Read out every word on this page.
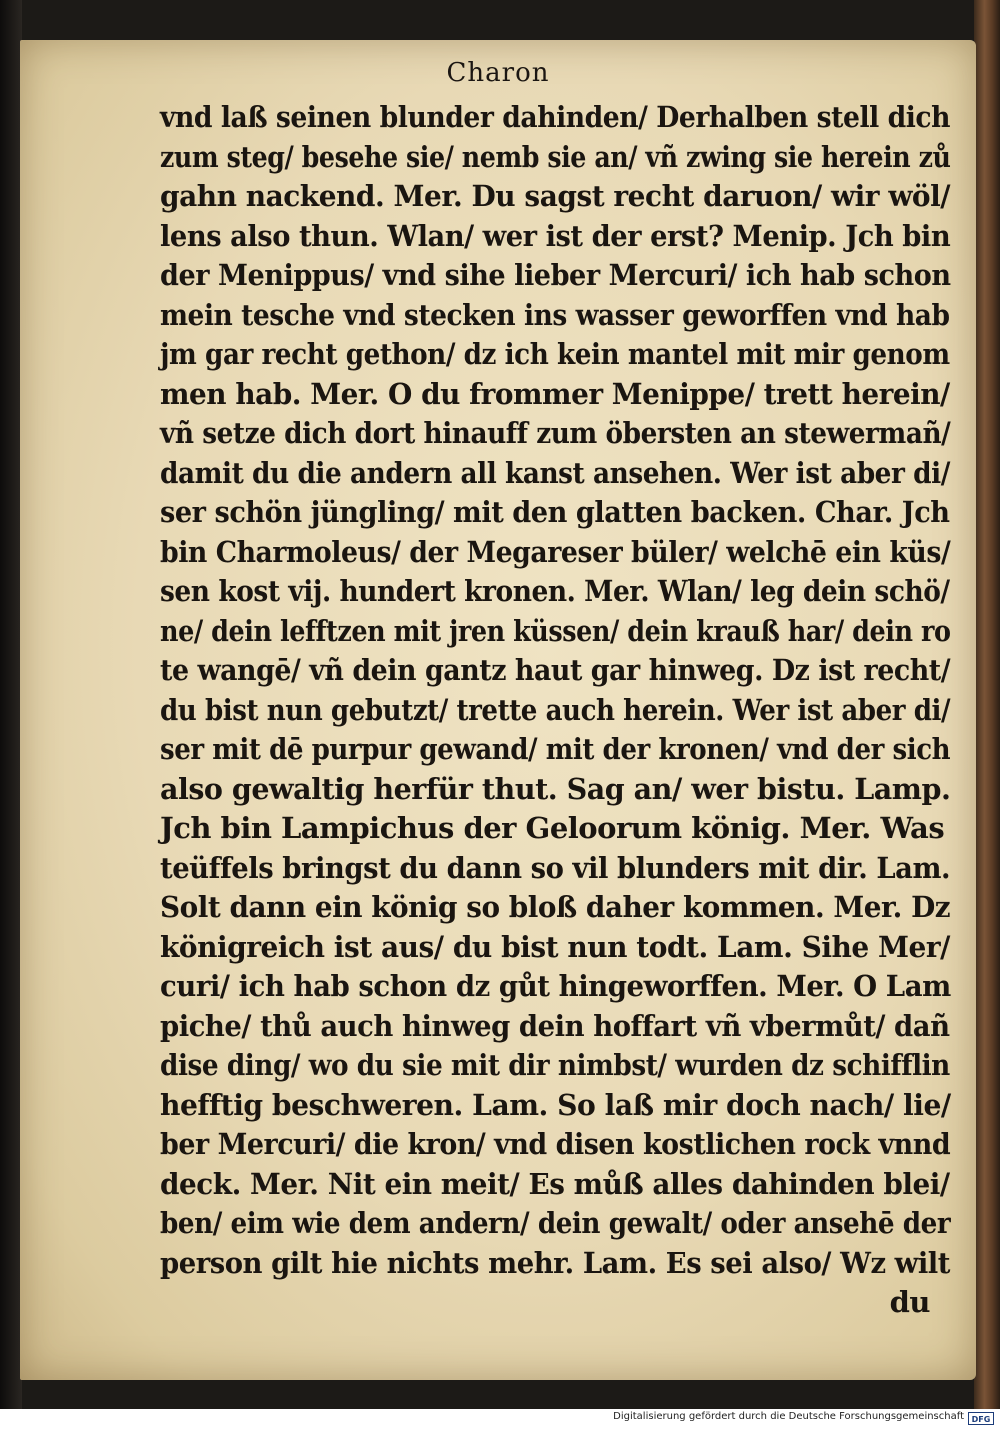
Charon
vnd laß seinen blunder dahinden/ Derhalben stell dich
zum steg/ besehe sie/ nemb sie an/ vñ zwing sie herein zů
gahn nackend. Mer. Du sagst recht daruon/ wir wöl/
lens also thun. Wlan/ wer ist der erst? Menip. Jch bin
der Menippus/ vnd sihe lieber Mercuri/ ich hab schon
mein tesche vnd stecken ins wasser geworffen vnd hab
jm gar recht gethon/ dz ich kein mantel mit mir genom
men hab. Mer. O du frommer Menippe/ trett herein/
vñ setze dich dort hinauff zum öbersten an stewermañ/
damit du die andern all kanst ansehen. Wer ist aber di/
ser schön jüngling/ mit den glatten backen. Char. Jch
bin Charmoleus/ der Megareser büler/ welchē ein küs/
sen kost vij. hundert kronen. Mer. Wlan/ leg dein schö/
ne/ dein lefftzen mit jren küssen/ dein krauß har/ dein ro
te wangē/ vñ dein gantz haut gar hinweg. Dz ist recht/
du bist nun gebutzt/ trette auch herein. Wer ist aber di/
ser mit dē purpur gewand/ mit der kronen/ vnd der sich
also gewaltig herfür thut. Sag an/ wer bistu. Lamp.
Jch bin Lampichus der Geloorum könig. Mer. Was
teüffels bringst du dann so vil blunders mit dir. Lam.
Solt dann ein könig so bloß daher kommen. Mer. Dz
königreich ist aus/ du bist nun todt. Lam. Sihe Mer/
curi/ ich hab schon dz gůt hingeworffen. Mer. O Lam
piche/ thů auch hinweg dein hoffart vñ vbermůt/ dañ
dise ding/ wo du sie mit dir nimbst/ wurden dz schifflin
hefftig beschweren. Lam. So laß mir doch nach/ lie/
ber Mercuri/ die kron/ vnd disen kostlichen rock vnnd
deck. Mer. Nit ein meit/ Es můß alles dahinden blei/
ben/ eim wie dem andern/ dein gewalt/ oder ansehē der
person gilt hie nichts mehr. Lam. Es sei also/ Wz wilt
du
Digitalisierung gefördert durch die Deutsche Forschungsgemeinschaft DFG
